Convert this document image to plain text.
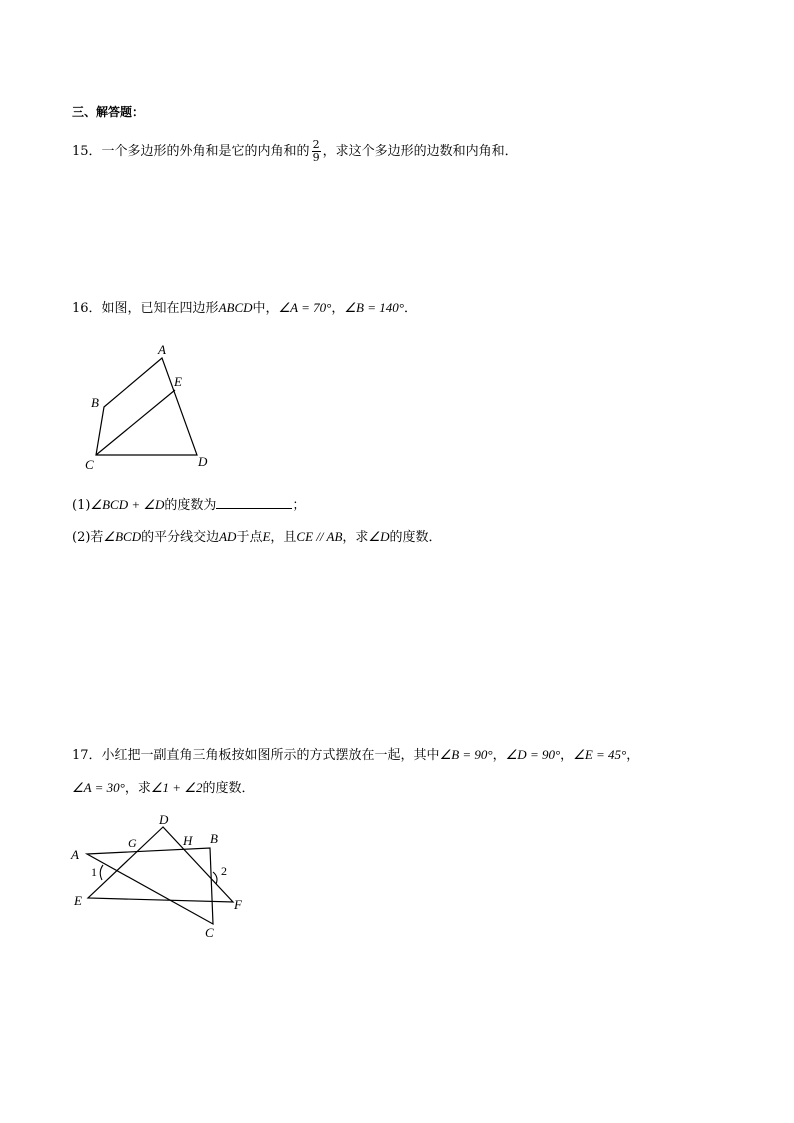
三、解答题：
15．一个多边形的外角和是它的内角和的 $\frac{2}{9}$ ，求这个多边形的边数和内角和．
16．如图，已知在四边形ABCD中，∠A = 70°，∠B = 140°．
A
B
C	D
E
(1)∠BCD + ∠D的度数为	；
(2)若∠BCD的平分线交边AD于点E，且CE // AB，求∠D的度数．
17．小红把一副直角三角板按如图所示的方式摆放在一起，其中∠B = 90°，∠D = 90°，∠E = 45°，
∠A = 30°，求∠1 + ∠2的度数．
A
B
C
D
E	F
G	H
1	2
